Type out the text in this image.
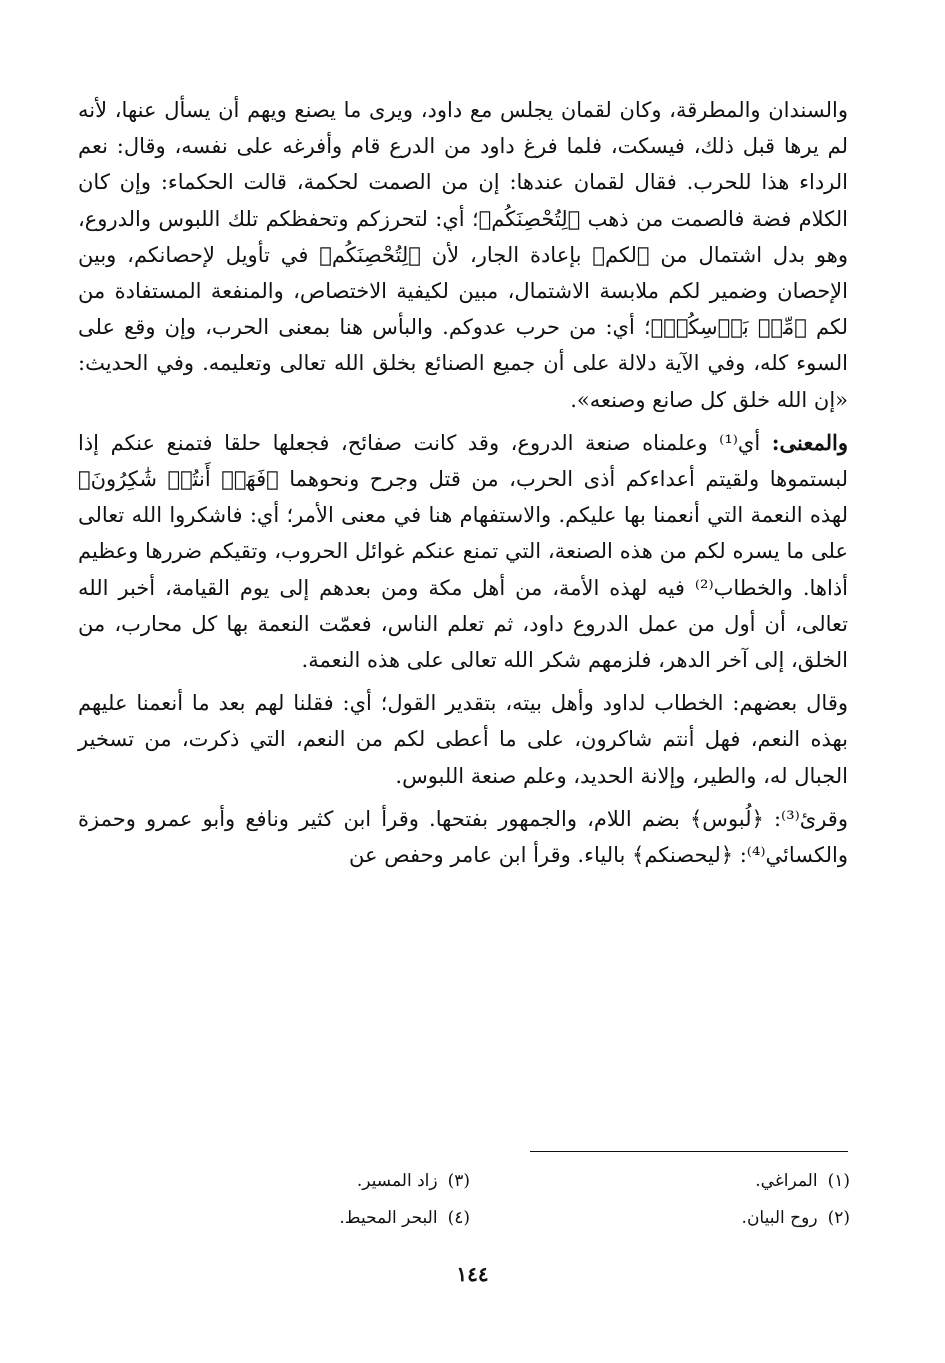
والسندان والمطرقة، وكان لقمان يجلس مع داود، ويرى ما يصنع ويهم أن يسأل عنها، لأنه لم يرها قبل ذلك، فيسكت، فلما فرغ داود من الدرع قام وأفرغه على نفسه، وقال: نعم الرداء هذا للحرب. فقال لقمان عندها: إن من الصمت لحكمة، قالت الحكماء: وإن كان الكلام فضة فالصمت من ذهب ﴿لِتُحْصِنَكُم﴾؛ أي: لتحرزكم وتحفظكم تلك اللبوس والدروع، وهو بدل اشتمال من ﴿لكم﴾ بإعادة الجار، لأن ﴿لِتُحْصِنَكُم﴾ في تأويل لإحصانكم، وبين الإحصان وضمير لكم ملابسة الاشتمال، مبين لكيفية الاختصاص، والمنفعة المستفادة من لكم ﴿مِّنۢ بَأۡسِكُمۡ﴾؛ أي: من حرب عدوكم. والبأس هنا بمعنى الحرب، وإن وقع على السوء كله، وفي الآية دلالة على أن جميع الصنائع بخلق الله تعالى وتعليمه. وفي الحديث: «إن الله خلق كل صانع وصنعه».

والمعنى: أي⁽¹⁾ وعلمناه صنعة الدروع، وقد كانت صفائح، فجعلها حلقا فتمنع عنكم إذا لبستموها ولقيتم أعداءكم أذى الحرب، من قتل وجرح ونحوهما ﴿فَهَلۡ أَنتُمۡ شَٰكِرُونَ﴾ لهذه النعمة التي أنعمنا بها عليكم. والاستفهام هنا في معنى الأمر؛ أي: فاشكروا الله تعالى على ما يسره لكم من هذه الصنعة، التي تمنع عنكم غوائل الحروب، وتقيكم ضررها وعظيم أذاها. والخطاب⁽²⁾ فيه لهذه الأمة، من أهل مكة ومن بعدهم إلى يوم القيامة، أخبر الله تعالى، أن أول من عمل الدروع داود، ثم تعلم الناس، فعمّت النعمة بها كل محارب، من الخلق، إلى آخر الدهر، فلزمهم شكر الله تعالى على هذه النعمة.

وقال بعضهم: الخطاب لداود وأهل بيته، بتقدير القول؛ أي: فقلنا لهم بعد ما أنعمنا عليهم بهذه النعم، فهل أنتم شاكرون، على ما أعطى لكم من النعم، التي ذكرت، من تسخير الجبال له، والطير، وإلانة الحديد، وعلم صنعة اللبوس.

وقرئ⁽³⁾: ﴿لُبوس﴾ بضم اللام، والجمهور بفتحها. وقرأ ابن كثير ونافع وأبو عمرو وحمزة والكسائي⁽⁴⁾: ﴿ليحصنكم﴾ بالياء. وقرأ ابن عامر وحفص عن

(١)
المراغي.
(٣)
زاد المسير.
(٢)
روح البيان.
(٤)
البحر المحيط.
١٤٤
